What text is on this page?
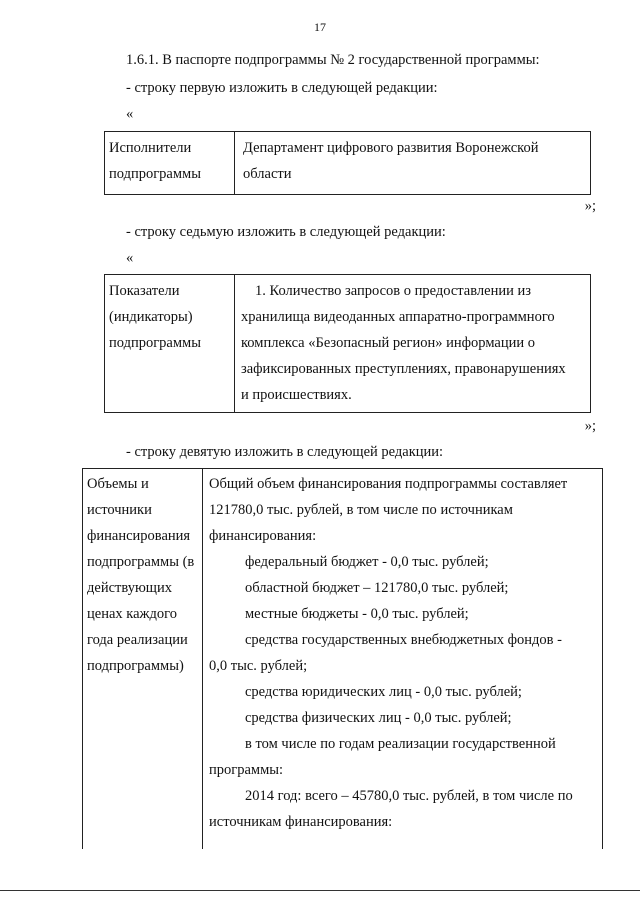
17
1.6.1. В паспорте подпрограммы № 2 государственной программы:
- строку первую изложить в следующей редакции:
«
Исполнители
подпрограммы

Департамент цифрового развития Воронежской
области
»;
- строку седьмую изложить в следующей редакции:
«
Показатели
(индикаторы)
подпрограммы

1. Количество запросов о предоставлении из
хранилища видеоданных аппаратно-программного
комплекса «Безопасный регион» информации о
зафиксированных преступлениях, правонарушениях
и происшествиях.
»;
- строку девятую изложить в следующей редакции:
Объемы и
источники
финансирования
подпрограммы (в
действующих
ценах каждого
года реализации
подпрограммы)

Общий объем финансирования подпрограммы составляет
121780,0 тыс. рублей, в том числе по источникам
финансирования:
федеральный бюджет - 0,0 тыс. рублей;
областной бюджет – 121780,0 тыс. рублей;
местные бюджеты - 0,0 тыс. рублей;
средства государственных внебюджетных фондов -
0,0 тыс. рублей;
средства юридических лиц - 0,0 тыс. рублей;
средства физических лиц - 0,0 тыс. рублей;
в том числе по годам реализации государственной
программы:
2014 год: всего – 45780,0 тыс. рублей, в том числе по
источникам финансирования:
